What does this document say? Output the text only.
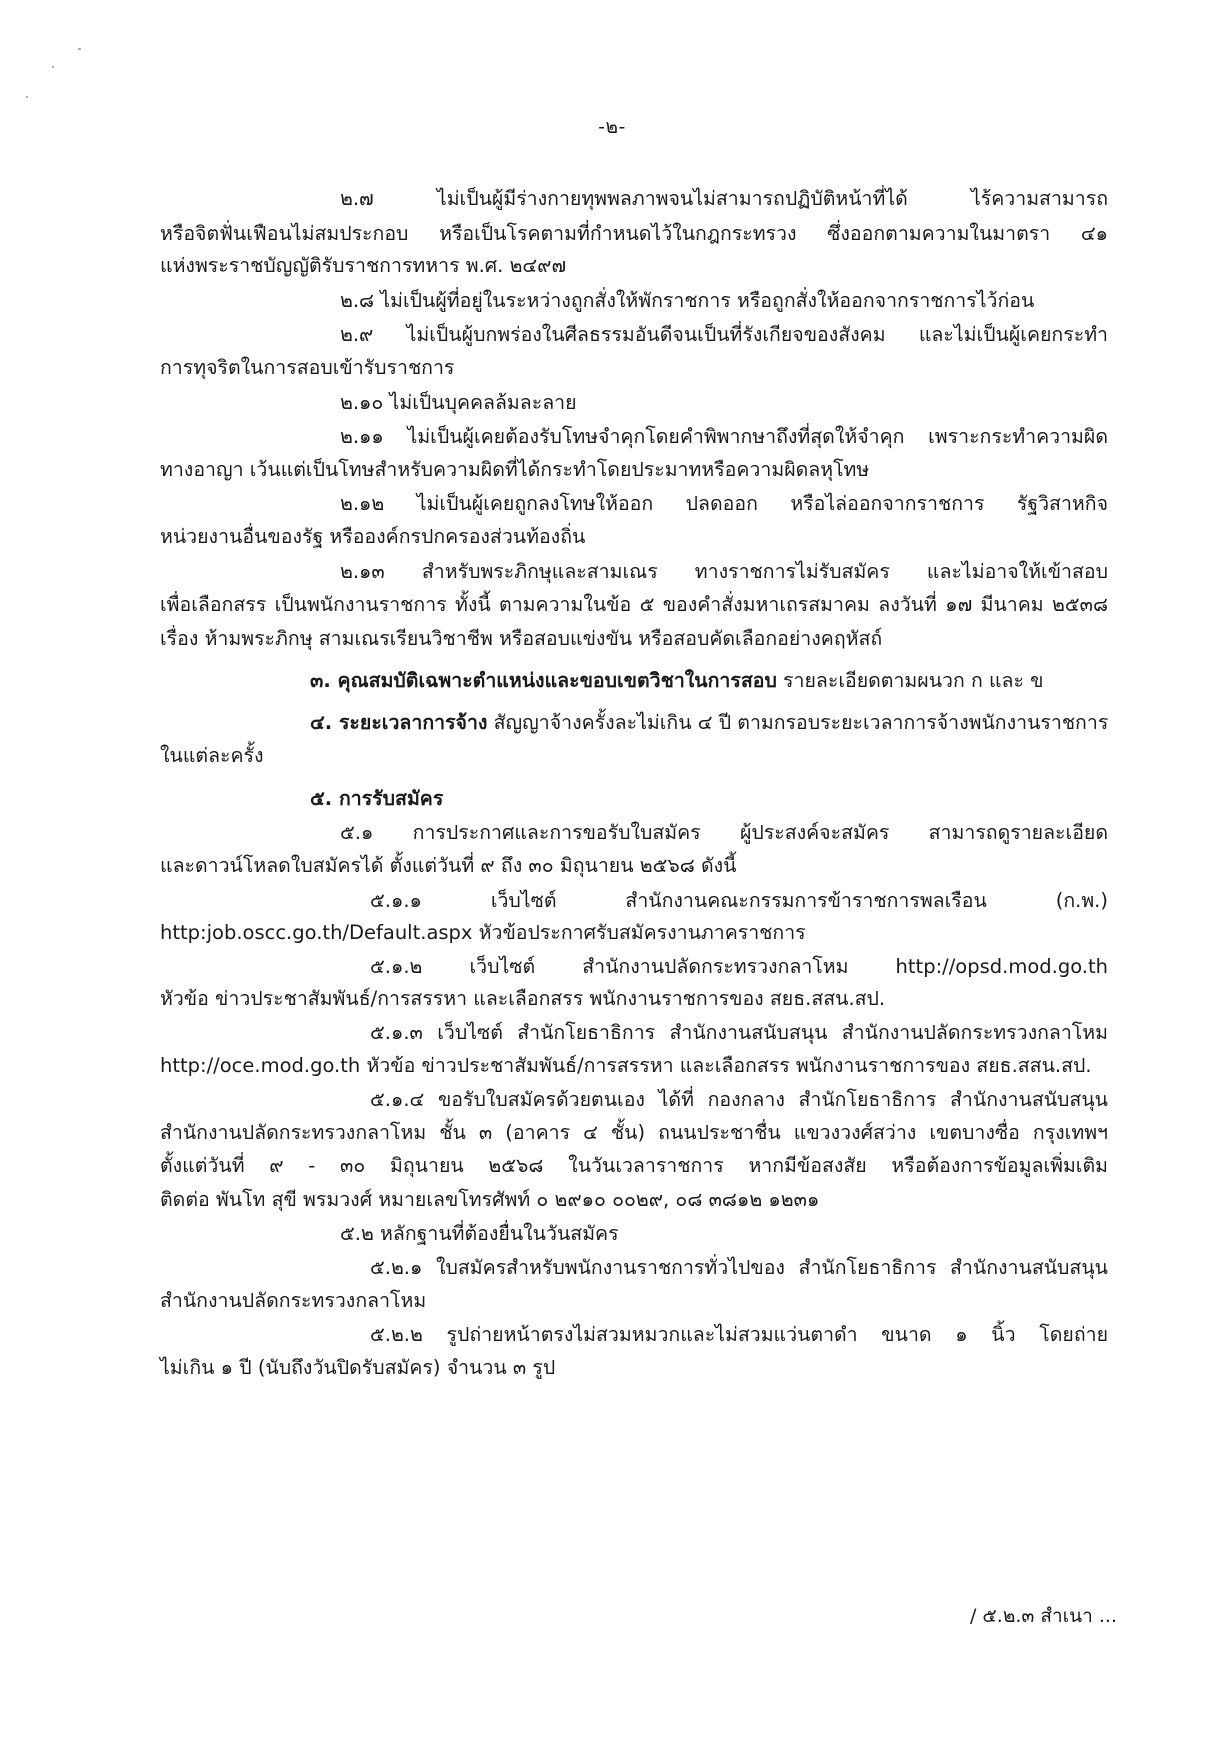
-๒-
๒.๗ ไม่เป็นผู้มีร่างกายทุพพลภาพจนไม่สามารถปฏิบัติหน้าที่ได้ ไร้ความสามารถ
หรือจิตฟั่นเฟือนไม่สมประกอบ หรือเป็นโรคตามที่กำหนดไว้ในกฎกระทรวง ซึ่งออกตามความในมาตรา ๔๑
แห่งพระราชบัญญัติรับราชการทหาร พ.ศ. ๒๔๙๗
๒.๘ ไม่เป็นผู้ที่อยู่ในระหว่างถูกสั่งให้พักราชการ หรือถูกสั่งให้ออกจากราชการไว้ก่อน
๒.๙ ไม่เป็นผู้บกพร่องในศีลธรรมอันดีจนเป็นที่รังเกียจของสังคม และไม่เป็นผู้เคยกระทำ
การทุจริตในการสอบเข้ารับราชการ
๒.๑๐ ไม่เป็นบุคคลล้มละลาย
๒.๑๑ ไม่เป็นผู้เคยต้องรับโทษจำคุกโดยคำพิพากษาถึงที่สุดให้จำคุก เพราะกระทำความผิด
ทางอาญา เว้นแต่เป็นโทษสำหรับความผิดที่ได้กระทำโดยประมาทหรือความผิดลหุโทษ
๒.๑๒ ไม่เป็นผู้เคยถูกลงโทษให้ออก ปลดออก หรือไล่ออกจากราชการ รัฐวิสาหกิจ
หน่วยงานอื่นของรัฐ หรือองค์กรปกครองส่วนท้องถิ่น
๒.๑๓ สำหรับพระภิกษุและสามเณร ทางราชการไม่รับสมัคร และไม่อาจให้เข้าสอบ
เพื่อเลือกสรร เป็นพนักงานราชการ ทั้งนี้ ตามความในข้อ ๕ ของคำสั่งมหาเถรสมาคม ลงวันที่ ๑๗ มีนาคม ๒๕๓๘
เรื่อง ห้ามพระภิกษุ สามเณรเรียนวิชาชีพ หรือสอบแข่งขัน หรือสอบคัดเลือกอย่างคฤหัสถ์
๓. คุณสมบัติเฉพาะตำแหน่งและขอบเขตวิชาในการสอบ รายละเอียดตามผนวก ก และ ข
๔. ระยะเวลาการจ้าง สัญญาจ้างครั้งละไม่เกิน ๔ ปี ตามกรอบระยะเวลาการจ้างพนักงานราชการ
ในแต่ละครั้ง
๕. การรับสมัคร
๕.๑ การประกาศและการขอรับใบสมัคร ผู้ประสงค์จะสมัคร สามารถดูรายละเอียด
และดาวน์โหลดใบสมัครได้ ตั้งแต่วันที่ ๙ ถึง ๓๐ มิถุนายน ๒๕๖๘ ดังนี้
๕.๑.๑ เว็บไซต์ สำนักงานคณะกรรมการข้าราชการพลเรือน (ก.พ.)
http:job.oscc.go.th/Default.aspx หัวข้อประกาศรับสมัครงานภาคราชการ
๕.๑.๒ เว็บไซต์ สำนักงานปลัดกระทรวงกลาโหม http://opsd.mod.go.th
หัวข้อ ข่าวประชาสัมพันธ์/การสรรหา และเลือกสรร พนักงานราชการของ สยธ.สสน.สป.
๕.๑.๓ เว็บไซต์ สำนักโยธาธิการ สำนักงานสนับสนุน สำนักงานปลัดกระทรวงกลาโหม
http://oce.mod.go.th หัวข้อ ข่าวประชาสัมพันธ์/การสรรหา และเลือกสรร พนักงานราชการของ สยธ.สสน.สป.
๕.๑.๔ ขอรับใบสมัครด้วยตนเอง ได้ที่ กองกลาง สำนักโยธาธิการ สำนักงานสนับสนุน
สำนักงานปลัดกระทรวงกลาโหม ชั้น ๓ (อาคาร ๔ ชั้น) ถนนประชาชื่น แขวงวงศ์สว่าง เขตบางซื่อ กรุงเทพฯ
ตั้งแต่วันที่ ๙ - ๓๐ มิถุนายน ๒๕๖๘ ในวันเวลาราชการ หากมีข้อสงสัย หรือต้องการข้อมูลเพิ่มเติม
ติดต่อ พันโท สุขี พรมวงศ์ หมายเลขโทรศัพท์ ๐ ๒๙๑๐ ๐๐๒๙, ๐๘ ๓๘๑๒ ๑๒๓๑
๕.๒ หลักฐานที่ต้องยื่นในวันสมัคร
๕.๒.๑ ใบสมัครสำหรับพนักงานราชการทั่วไปของ สำนักโยธาธิการ สำนักงานสนับสนุน
สำนักงานปลัดกระทรวงกลาโหม
๕.๒.๒ รูปถ่ายหน้าตรงไม่สวมหมวกและไม่สวมแว่นตาดำ ขนาด ๑ นิ้ว โดยถ่าย
ไม่เกิน ๑ ปี (นับถึงวันปิดรับสมัคร) จำนวน ๓ รูป
/ ๕.๒.๓ สำเนา ...
